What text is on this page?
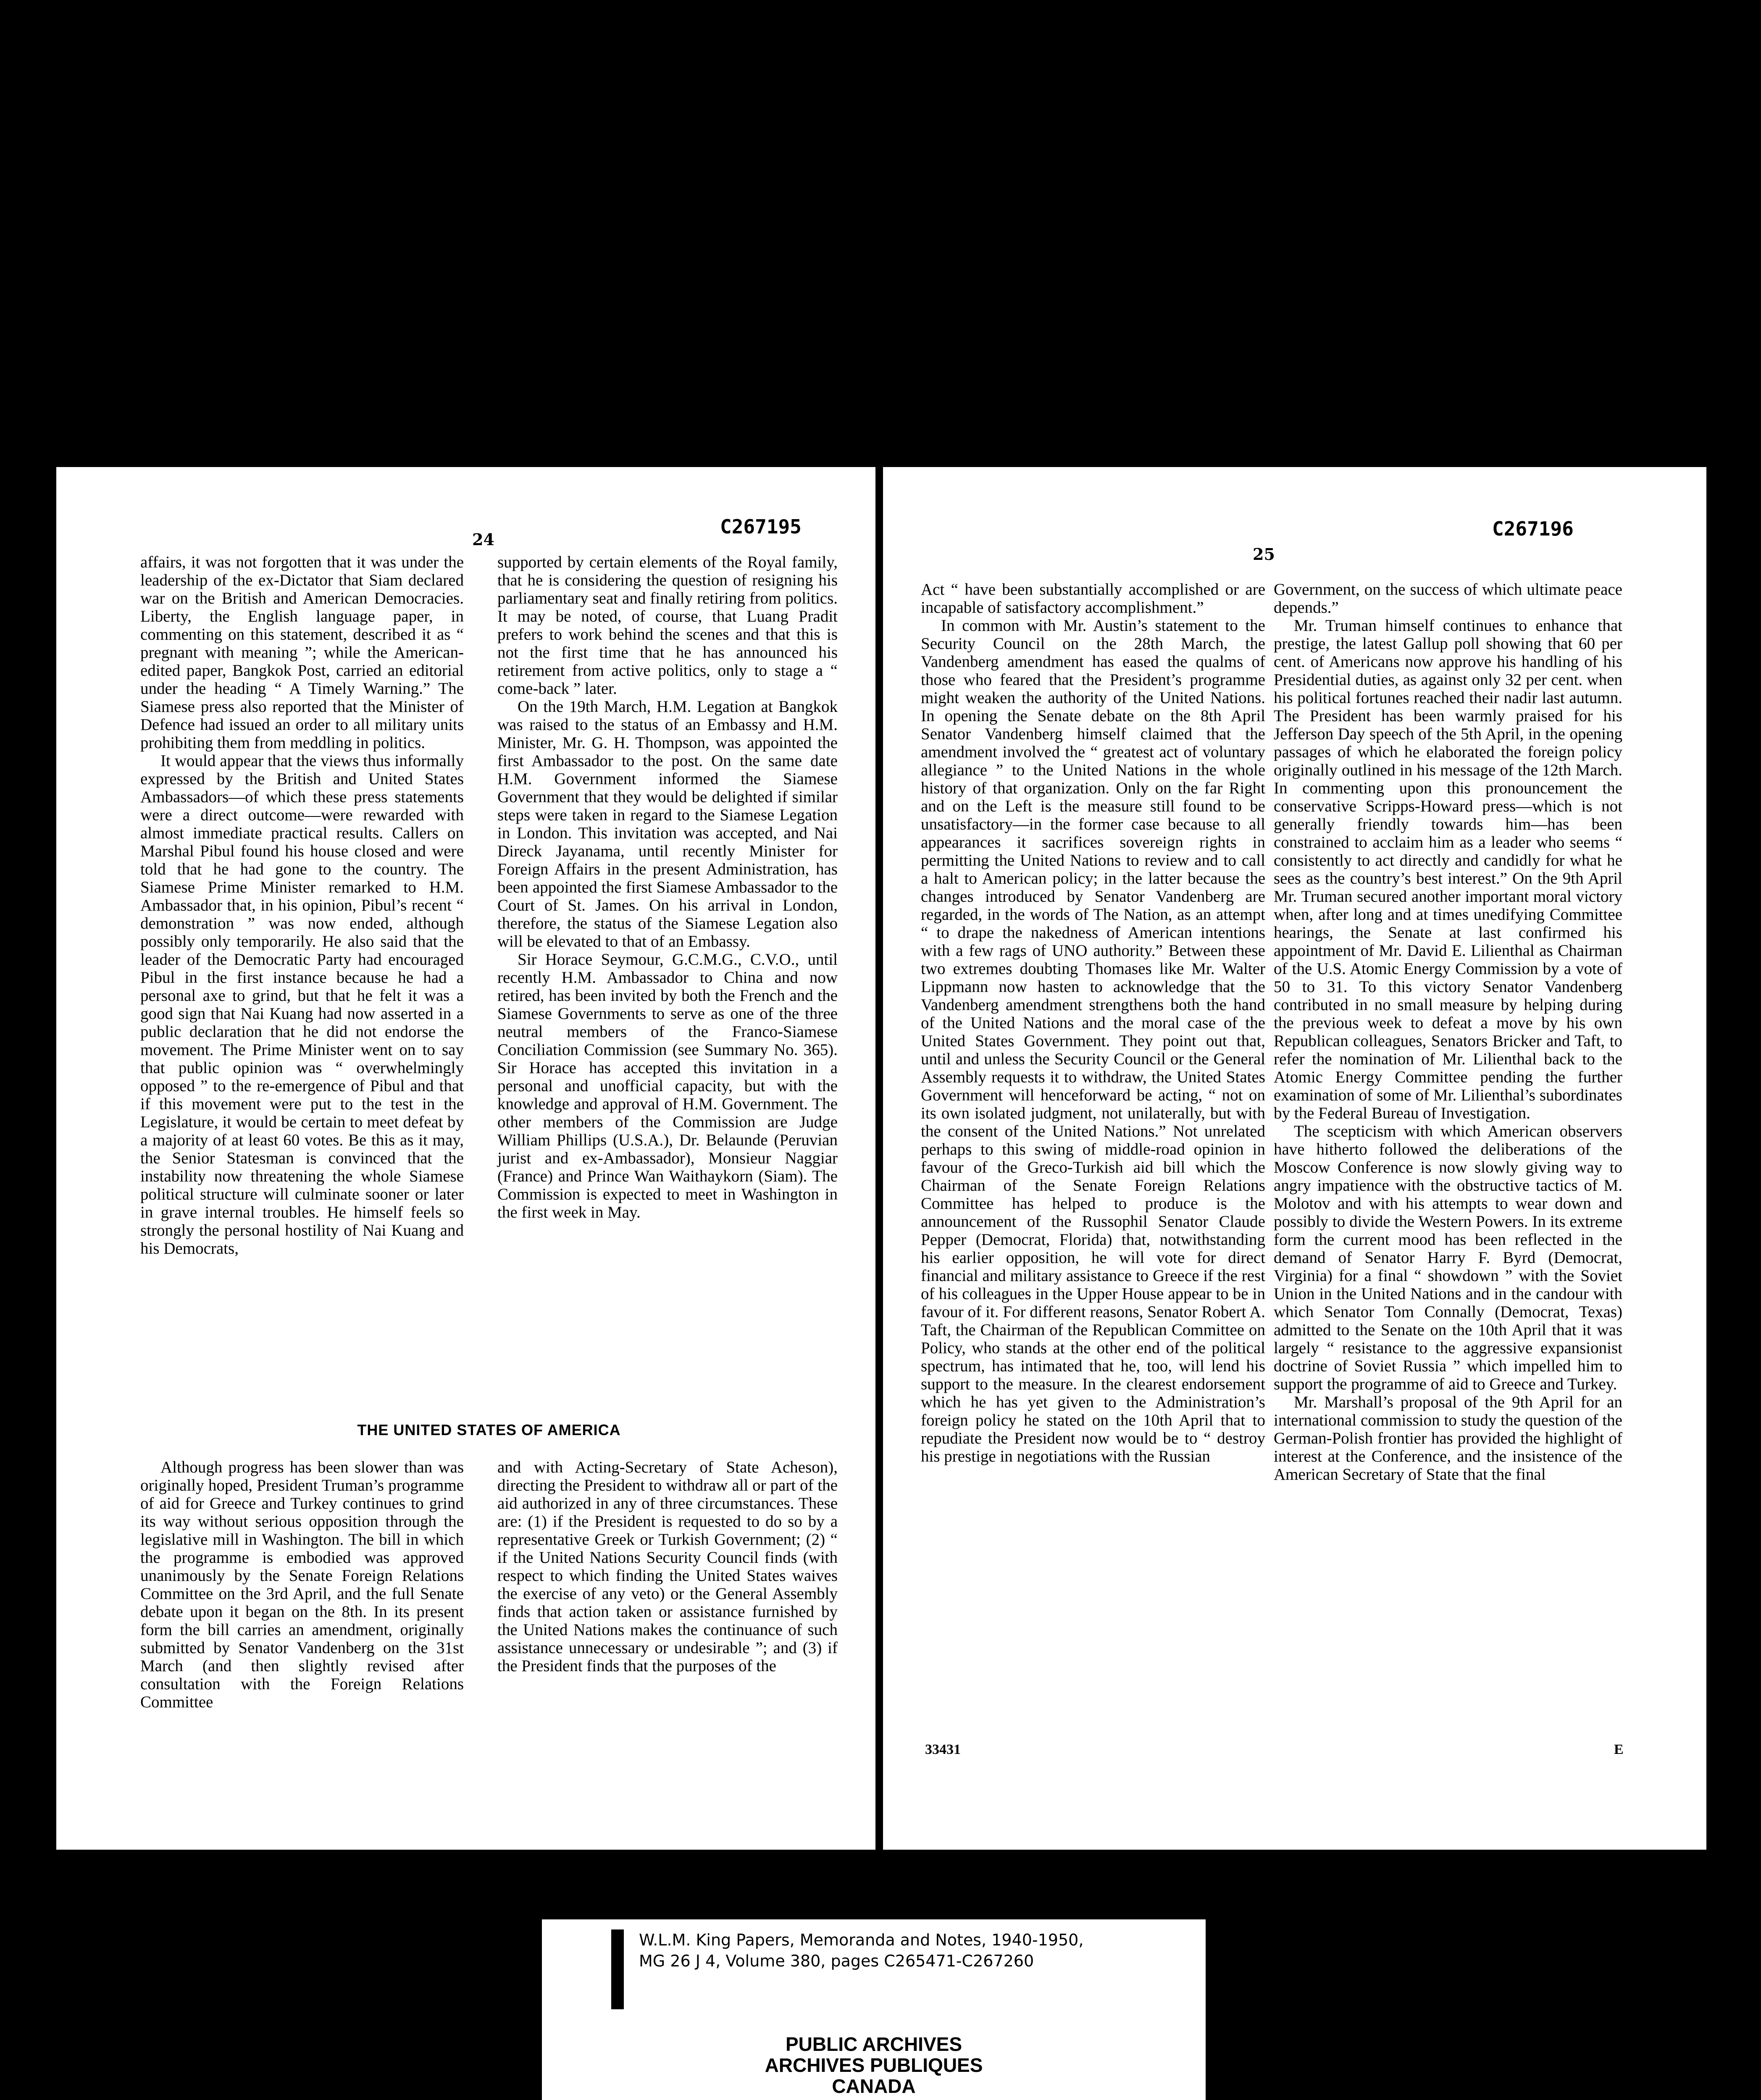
24
C267195

affairs, it was not forgotten that it was under the leadership of the ex-Dictator that Siam declared war on the British and American Democracies. Liberty, the English language paper, in commenting on this statement, described it as “ pregnant with meaning ”; while the American-edited paper, Bangkok Post, carried an editorial under the heading “ A Timely Warning.” The Siamese press also reported that the Minister of Defence had issued an order to all military units prohibiting them from meddling in politics.

It would appear that the views thus informally expressed by the British and United States Ambassadors—of which these press statements were a direct outcome—were rewarded with almost immediate practical results. Callers on Marshal Pibul found his house closed and were told that he had gone to the country. The Siamese Prime Minister remarked to H.M. Ambassador that, in his opinion, Pibul’s recent “ demonstration ” was now ended, although possibly only temporarily. He also said that the leader of the Democratic Party had encouraged Pibul in the first instance because he had a personal axe to grind, but that he felt it was a good sign that Nai Kuang had now asserted in a public declaration that he did not endorse the movement. The Prime Minister went on to say that public opinion was “ overwhelmingly opposed ” to the re-emergence of Pibul and that if this movement were put to the test in the Legislature, it would be certain to meet defeat by a majority of at least 60 votes. Be this as it may, the Senior Statesman is convinced that the instability now threatening the whole Siamese political structure will culminate sooner or later in grave internal troubles. He himself feels so strongly the personal hostility of Nai Kuang and his Democrats,

supported by certain elements of the Royal family, that he is considering the question of resigning his parliamentary seat and finally retiring from politics. It may be noted, of course, that Luang Pradit prefers to work behind the scenes and that this is not the first time that he has announced his retirement from active politics, only to stage a “ come-back ” later.

On the 19th March, H.M. Legation at Bangkok was raised to the status of an Embassy and H.M. Minister, Mr. G. H. Thompson, was appointed the first Ambassador to the post. On the same date H.M. Government informed the Siamese Government that they would be delighted if similar steps were taken in regard to the Siamese Legation in London. This invitation was accepted, and Nai Direck Jayanama, until recently Minister for Foreign Affairs in the present Administration, has been appointed the first Siamese Ambassador to the Court of St. James. On his arrival in London, therefore, the status of the Siamese Legation also will be elevated to that of an Embassy.

Sir Horace Seymour, G.C.M.G., C.V.O., until recently H.M. Ambassador to China and now retired, has been invited by both the French and the Siamese Governments to serve as one of the three neutral members of the Franco-Siamese Conciliation Commission (see Summary No. 365). Sir Horace has accepted this invitation in a personal and unofficial capacity, but with the knowledge and approval of H.M. Government. The other members of the Commission are Judge William Phillips (U.S.A.), Dr. Belaunde (Peruvian jurist and ex-Ambassador), Monsieur Naggiar (France) and Prince Wan Waithaykorn (Siam). The Commission is expected to meet in Washington in the first week in May.

THE UNITED STATES OF AMERICA

Although progress has been slower than was originally hoped, President Truman’s programme of aid for Greece and Turkey continues to grind its way without serious opposition through the legislative mill in Washington. The bill in which the programme is embodied was approved unanimously by the Senate Foreign Relations Committee on the 3rd April, and the full Senate debate upon it began on the 8th. In its present form the bill carries an amendment, originally submitted by Senator Vandenberg on the 31st March (and then slightly revised after consultation with the Foreign Relations Committee

and with Acting-Secretary of State Acheson), directing the President to withdraw all or part of the aid authorized in any of three circumstances. These are: (1) if the President is requested to do so by a representative Greek or Turkish Government; (2) “ if the United Nations Security Council finds (with respect to which finding the United States waives the exercise of any veto) or the General Assembly finds that action taken or assistance furnished by the United Nations makes the continuance of such assistance unnecessary or undesirable ”; and (3) if the President finds that the purposes of the

25
C267196

Act “ have been substantially accomplished or are incapable of satisfactory accomplishment.”

In common with Mr. Austin’s statement to the Security Council on the 28th March, the Vandenberg amendment has eased the qualms of those who feared that the President’s programme might weaken the authority of the United Nations. In opening the Senate debate on the 8th April Senator Vandenberg himself claimed that the amendment involved the “ greatest act of voluntary allegiance ” to the United Nations in the whole history of that organization. Only on the far Right and on the Left is the measure still found to be unsatisfactory—in the former case because to all appearances it sacrifices sovereign rights in permitting the United Nations to review and to call a halt to American policy; in the latter because the changes introduced by Senator Vandenberg are regarded, in the words of The Nation, as an attempt “ to drape the nakedness of American intentions with a few rags of UNO authority.” Between these two extremes doubting Thomases like Mr. Walter Lippmann now hasten to acknowledge that the Vandenberg amendment strengthens both the hand of the United Nations and the moral case of the United States Government. They point out that, until and unless the Security Council or the General Assembly requests it to withdraw, the United States Government will henceforward be acting, “ not on its own isolated judgment, not unilaterally, but with the consent of the United Nations.” Not unrelated perhaps to this swing of middle-road opinion in favour of the Greco-Turkish aid bill which the Chairman of the Senate Foreign Relations Committee has helped to produce is the announcement of the Russophil Senator Claude Pepper (Democrat, Florida) that, notwithstanding his earlier opposition, he will vote for direct financial and military assistance to Greece if the rest of his colleagues in the Upper House appear to be in favour of it. For different reasons, Senator Robert A. Taft, the Chairman of the Republican Committee on Policy, who stands at the other end of the political spectrum, has intimated that he, too, will lend his support to the measure. In the clearest endorsement which he has yet given to the Administration’s foreign policy he stated on the 10th April that to repudiate the President now would be to “ destroy his prestige in negotiations with the Russian

Government, on the success of which ultimate peace depends.”

Mr. Truman himself continues to enhance that prestige, the latest Gallup poll showing that 60 per cent. of Americans now approve his handling of his Presidential duties, as against only 32 per cent. when his political fortunes reached their nadir last autumn. The President has been warmly praised for his Jefferson Day speech of the 5th April, in the opening passages of which he elaborated the foreign policy originally outlined in his message of the 12th March. In commenting upon this pronouncement the conservative Scripps-Howard press—which is not generally friendly towards him—has been constrained to acclaim him as a leader who seems “ consistently to act directly and candidly for what he sees as the country’s best interest.” On the 9th April Mr. Truman secured another important moral victory when, after long and at times unedifying Committee hearings, the Senate at last confirmed his appointment of Mr. David E. Lilienthal as Chairman of the U.S. Atomic Energy Commission by a vote of 50 to 31. To this victory Senator Vandenberg contributed in no small measure by helping during the previous week to defeat a move by his own Republican colleagues, Senators Bricker and Taft, to refer the nomination of Mr. Lilienthal back to the Atomic Energy Committee pending the further examination of some of Mr. Lilienthal’s subordinates by the Federal Bureau of Investigation.

The scepticism with which American observers have hitherto followed the deliberations of the Moscow Conference is now slowly giving way to angry impatience with the obstructive tactics of M. Molotov and with his attempts to wear down and possibly to divide the Western Powers. In its extreme form the current mood has been reflected in the demand of Senator Harry F. Byrd (Democrat, Virginia) for a final “ showdown ” with the Soviet Union in the United Nations and in the candour with which Senator Tom Connally (Democrat, Texas) admitted to the Senate on the 10th April that it was largely “ resistance to the aggressive expansionist doctrine of Soviet Russia ” which impelled him to support the programme of aid to Greece and Turkey.

Mr. Marshall’s proposal of the 9th April for an international commission to study the question of the German-Polish frontier has provided the highlight of interest at the Conference, and the insistence of the American Secretary of State that the final

33431	E
W.L.M. King Papers, Memoranda and Notes, 1940-1950,
MG 26 J 4, Volume 380, pages C265471-C267260
PUBLIC ARCHIVES
ARCHIVES PUBLIQUES
CANADA
